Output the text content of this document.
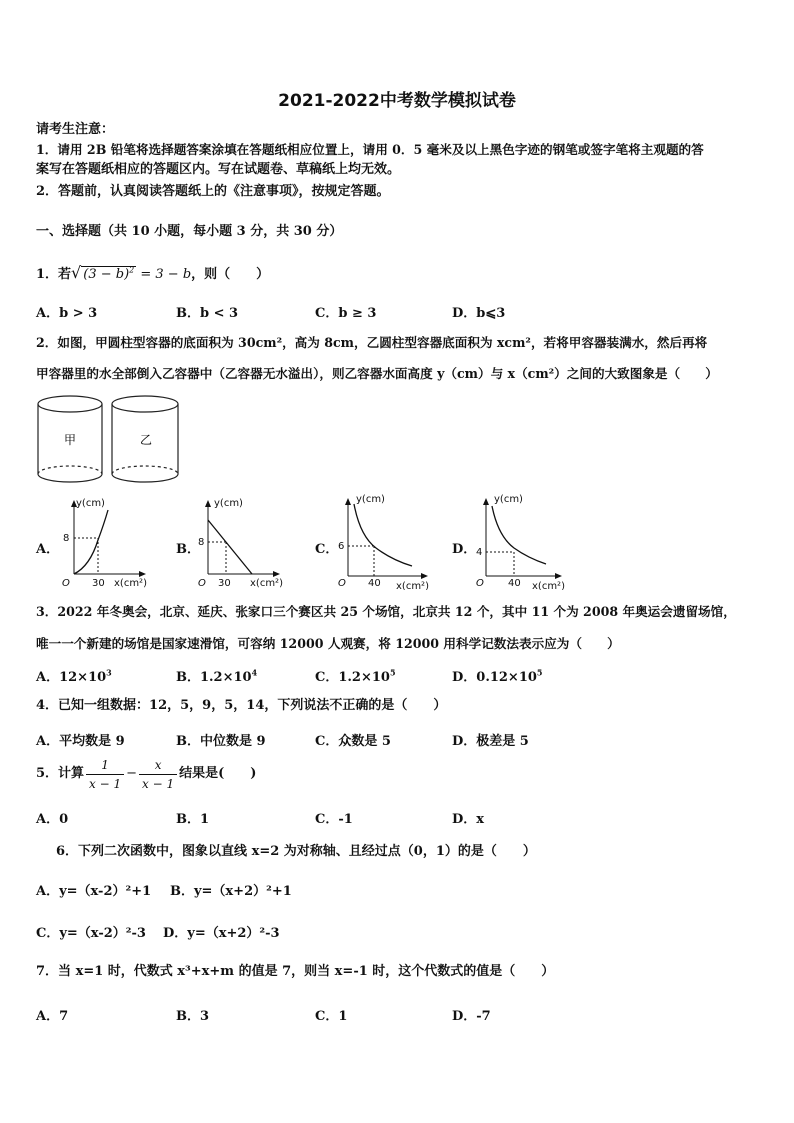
2021-2022中考数学模拟试卷
请考生注意：
1．请用 2B 铅笔将选择题答案涂填在答题纸相应位置上，请用 0．5 毫米及以上黑色字迹的钢笔或签字笔将主观题的答
案写在答题纸相应的答题区内。写在试题卷、草稿纸上均无效。
2．答题前，认真阅读答题纸上的《注意事项》，按规定答题。
一、选择题（共 10 小题，每小题 3 分，共 30 分）
1．若√ $(3 - b)^2 = 3 - b$，则（　　）
A．b > 3	B．b < 3	C．b ≥ 3	D．b⩽3
2．如图，甲圆柱型容器的底面积为 30cm²，高为 8cm，乙圆柱型容器底面积为 xcm²，若将甲容器装满水，然后再将
甲容器里的水全部倒入乙容器中（乙容器无水溢出），则乙容器水面高度 y（cm）与 x（cm²）之间的大致图象是（　　）
甲	乙
A．	B．	C．	D．
y(cm)
8
30
O	x(cm²)
y(cm)
8
30
O	x(cm²)
y(cm)
6
40
O	x(cm²)
y(cm)
4
40
O	x(cm²)
3．2022 年冬奥会，北京、延庆、张家口三个赛区共 25 个场馆，北京共 12 个，其中 11 个为 2008 年奥运会遗留场馆，
唯一一个新建的场馆是国家速滑馆，可容纳 12000 人观赛，将 12000 用科学记数法表示应为（　　）
A．$12\times 10^3$	B．$1.2\times 10^4$	C．$1.2\times 10^5$	D．$0.12\times 10^5$
4．已知一组数据：12，5，9，5，14，下列说法不正确的是（　　）
A．平均数是 9	B．中位数是 9	C．众数是 5	D．极差是 5
5．计算 $\frac{1}{x - 1} - \frac{x}{x - 1}$ 结果是(　　)
A．0	B．1	C．-1	D．x
6．下列二次函数中，图象以直线 x=2 为对称轴、且经过点（0，1）的是（　　）
A．y=（x-2）²+1 B．y=（x+2）²+1
C．y=（x-2）²-3 D．y=（x+2）²-3
7．当 x=1 时，代数式 x³+x+m 的值是 7，则当 x=-1 时，这个代数式的值是（　　）
A．7	B．3	C．1	D．-7
